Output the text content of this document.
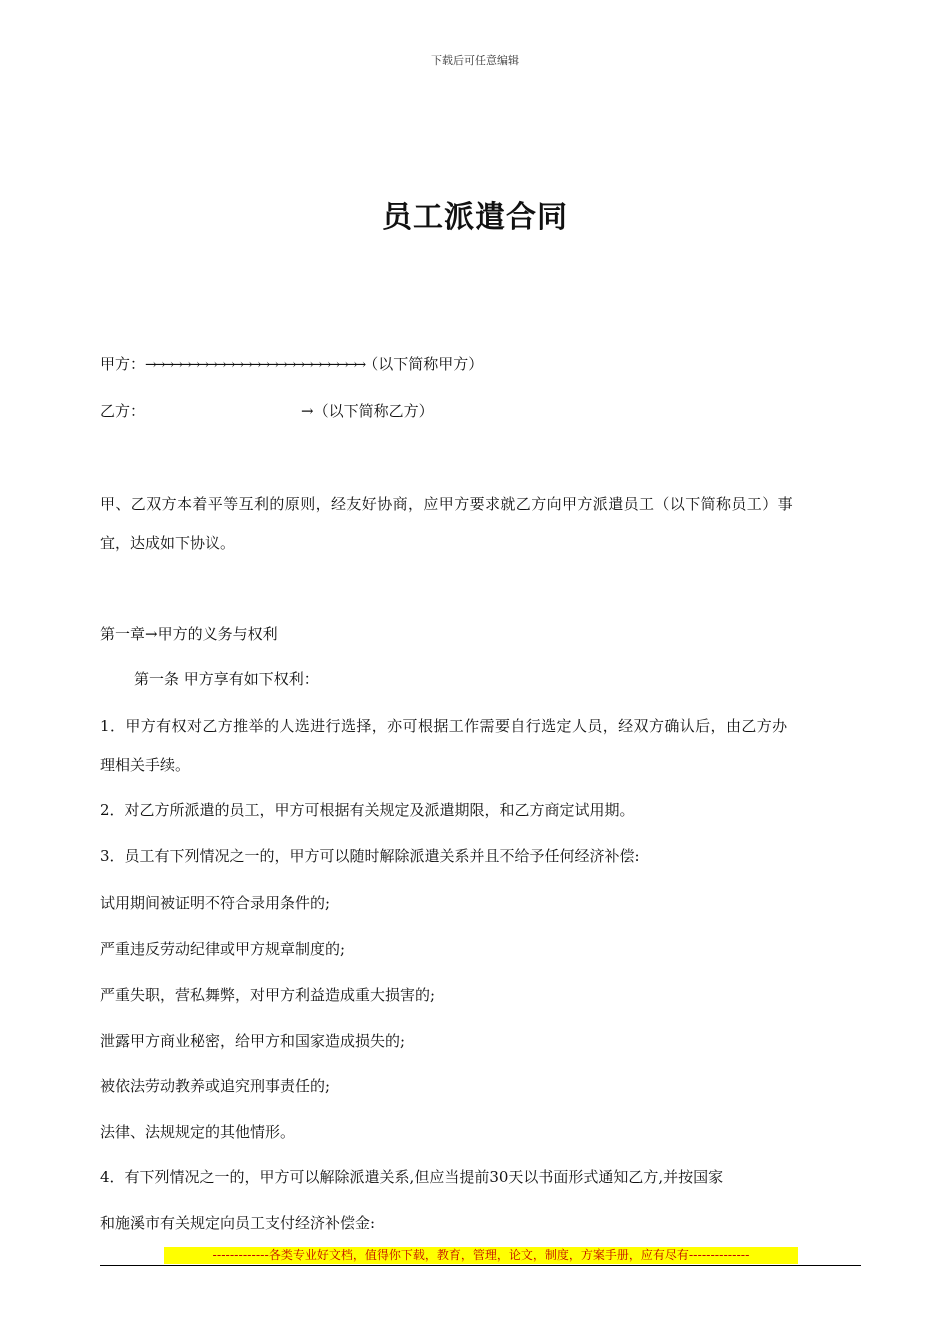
下载后可任意编辑
员工派遣合同
甲方：→→→→→→→→→→→→→→→→→→→→→→→→→（以下简称甲方）
乙方：	→（以下简称乙方）
甲、乙双方本着平等互利的原则，经友好协商，应甲方要求就乙方向甲方派遣员工（以下简称员工）事
宜，达成如下协议。
第一章→甲方的义务与权利
第一条 甲方享有如下权利：
1．甲方有权对乙方推举的人选进行选择，亦可根据工作需要自行选定人员，经双方确认后，由乙方办
理相关手续。
2．对乙方所派遣的员工，甲方可根据有关规定及派遣期限，和乙方商定试用期。
3．员工有下列情况之一的，甲方可以随时解除派遣关系并且不给予任何经济补偿:
试用期间被证明不符合录用条件的;
严重违反劳动纪律或甲方规章制度的;
严重失职，营私舞弊，对甲方利益造成重大损害的;
泄露甲方商业秘密，给甲方和国家造成损失的;
被依法劳动教养或追究刑事责任的;
法律、法规规定的其他情形。
4．有下列情况之一的，甲方可以解除派遣关系,但应当提前30天以书面形式通知乙方,并按国家
和施溪市有关规定向员工支付经济补偿金:
-------------各类专业好文档，值得你下载，教育，管理，论文，制度，方案手册，应有尽有--------------
